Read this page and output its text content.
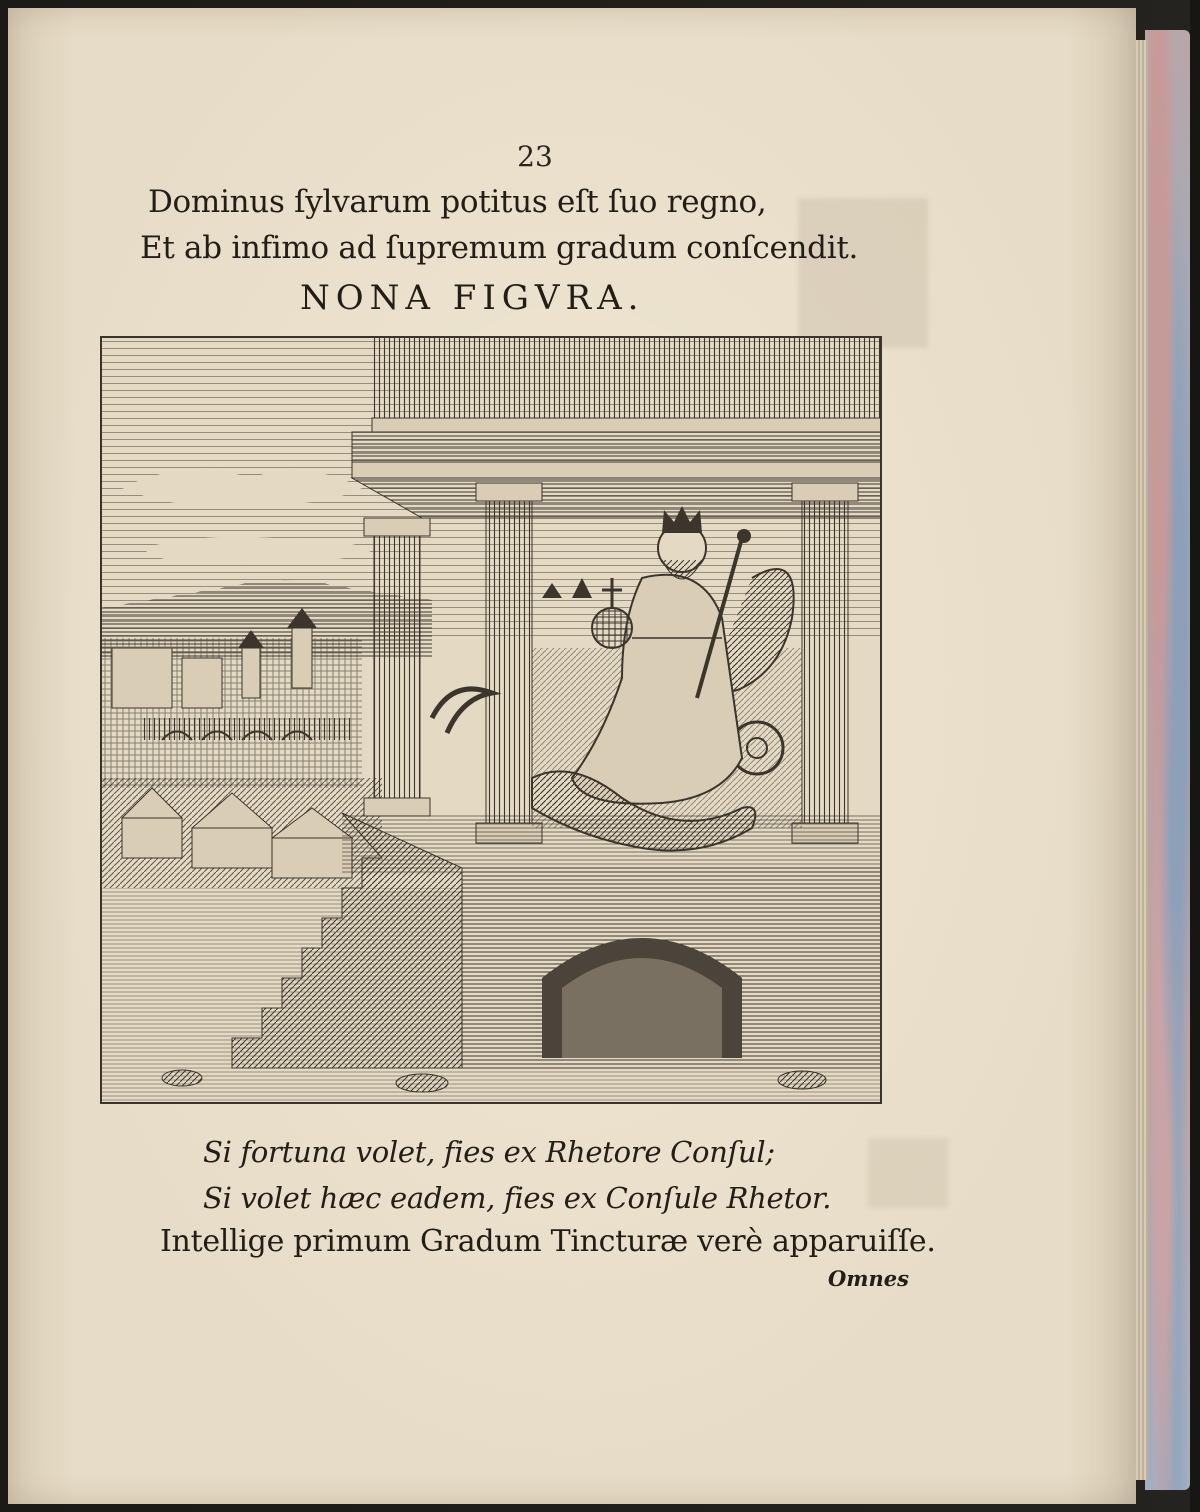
23
Dominus ſylvarum potitus eſt ſuo regno,
Et ab infimo ad ſupremum gradum conſcendit.
NONA FIGVRA.
Si fortuna volet, fies ex Rhetore Conſul;
Si volet hæc eadem, fies ex Conſule Rhetor.
Intellige primum Gradum Tincturæ verè apparuiſſe.
Omnes
